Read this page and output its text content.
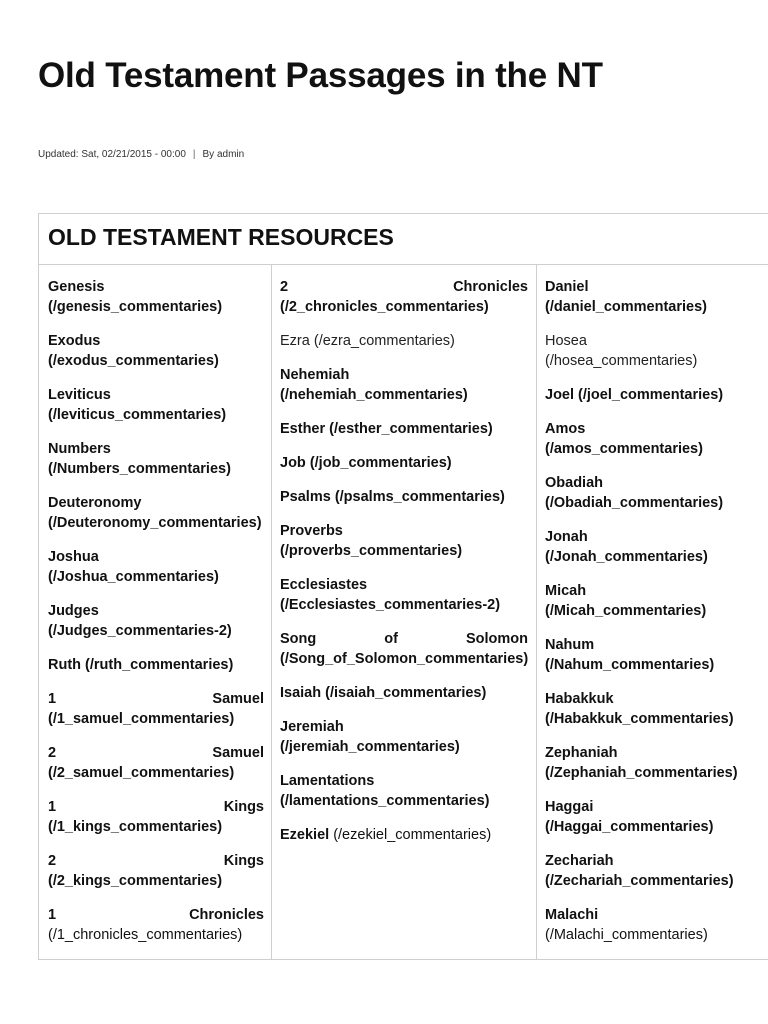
Old Testament Passages in the NT
Updated: Sat, 02/21/2015 - 00:00 | By admin
OLD TESTAMENT RESOURCES
Genesis
(/genesis_commentaries)
Exodus
(/exodus_commentaries)
Leviticus
(/leviticus_commentaries)
Numbers
(/Numbers_commentaries)
Deuteronomy
(/Deuteronomy_commentaries)
Joshua
(/Joshua_commentaries)
Judges
(/Judges_commentaries-2)
Ruth (/ruth_commentaries)
1	Samuel
(/1_samuel_commentaries)
2	Samuel
(/2_samuel_commentaries)
1	Kings
(/1_kings_commentaries)
2	Kings
(/2_kings_commentaries)
1	Chronicles
(/1_chronicles_commentaries)
2	Chronicles
(/2_chronicles_commentaries)
Ezra (/ezra_commentaries)
Nehemiah
(/nehemiah_commentaries)
Esther (/esther_commentaries)
Job (/job_commentaries)
Psalms (/psalms_commentaries)
Proverbs
(/proverbs_commentaries)
Ecclesiastes
(/Ecclesiastes_commentaries-2)
Song	of	Solomon
(/Song_of_Solomon_commentaries)
Isaiah (/isaiah_commentaries)
Jeremiah
(/jeremiah_commentaries)
Lamentations
(/lamentations_commentaries)
Ezekiel (/ezekiel_commentaries)
Daniel
(/daniel_commentaries)
Hosea
(/hosea_commentaries)
Joel (/joel_commentaries)
Amos
(/amos_commentaries)
Obadiah
(/Obadiah_commentaries)
Jonah
(/Jonah_commentaries)
Micah
(/Micah_commentaries)
Nahum
(/Nahum_commentaries)
Habakkuk
(/Habakkuk_commentaries)
Zephaniah
(/Zephaniah_commentaries)
Haggai
(/Haggai_commentaries)
Zechariah
(/Zechariah_commentaries)
Malachi
(/Malachi_commentaries)
